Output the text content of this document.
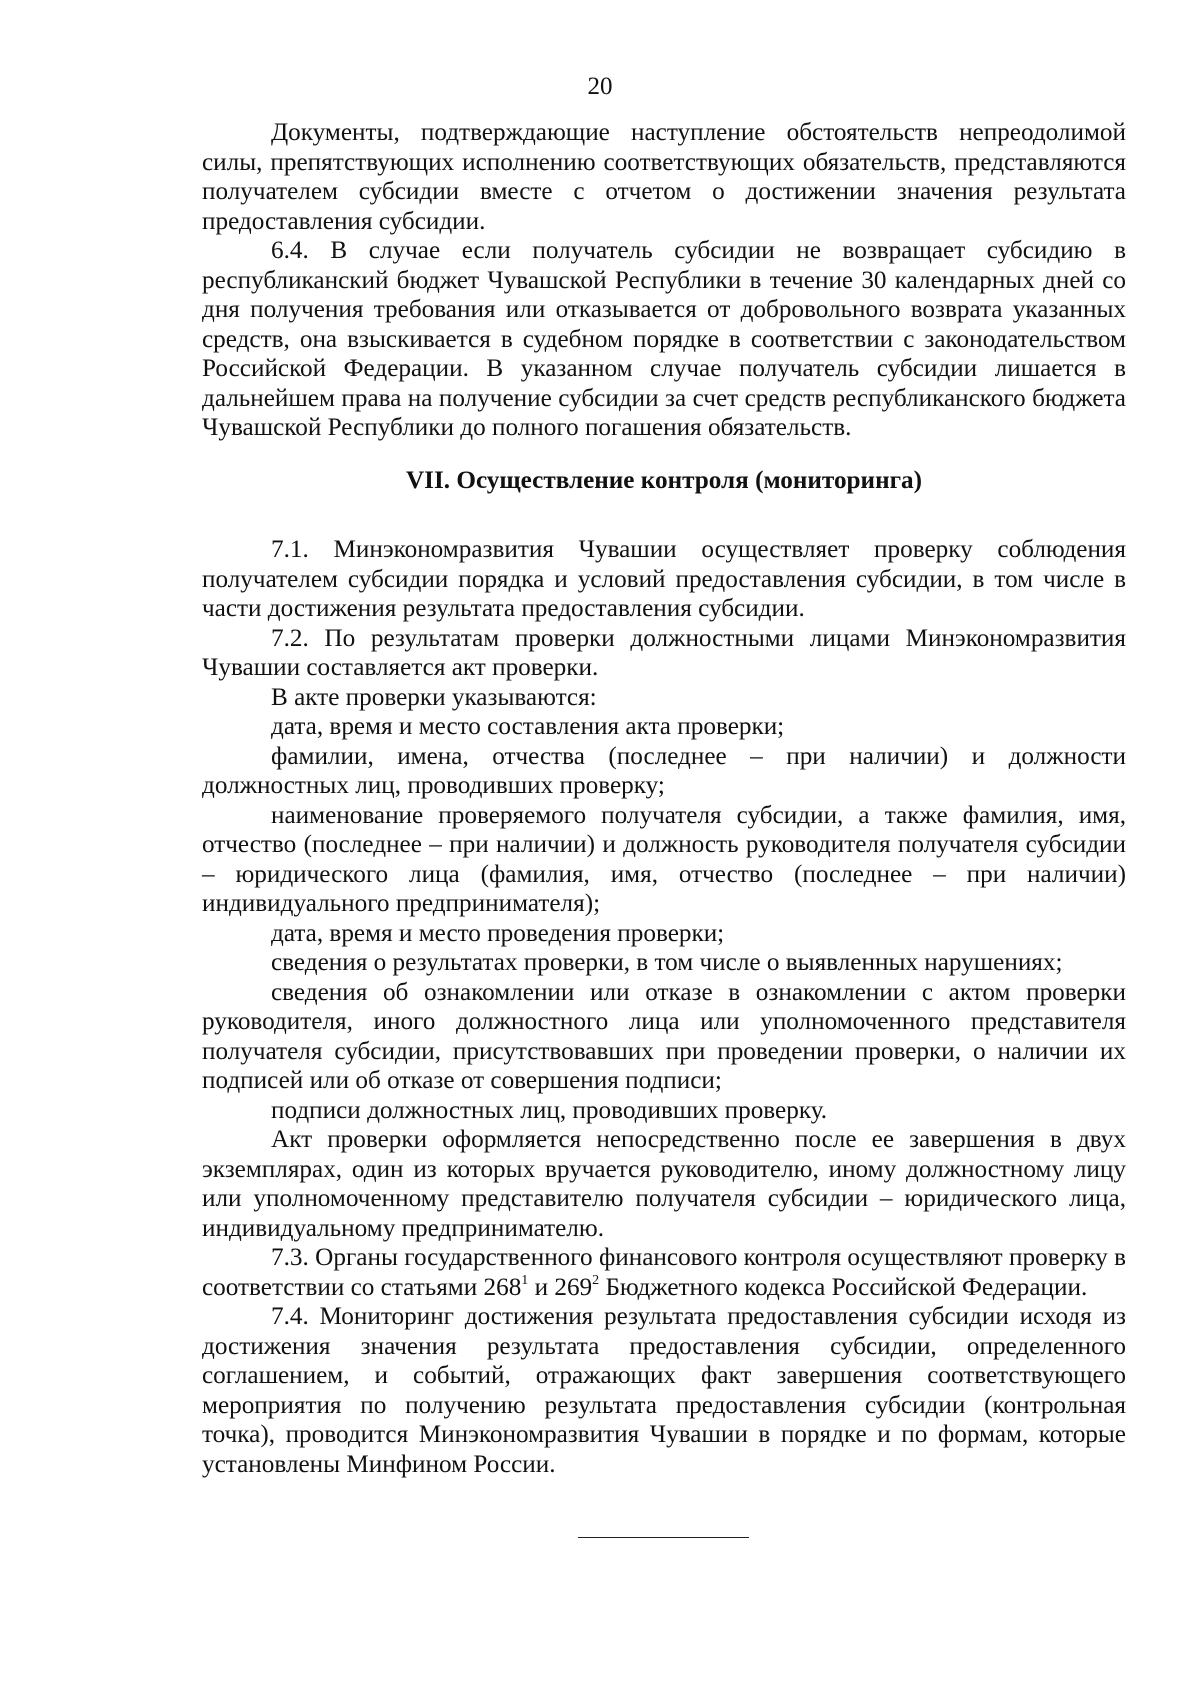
20

Документы, подтверждающие наступление обстоятельств непреодолимой силы, препятствующих исполнению соответствующих обязательств, представляются получателем субсидии вместе с отчетом о достижении значения результата предоставления субсидии.

6.4. В случае если получатель субсидии не возвращает субсидию в республиканский бюджет Чувашской Республики в течение 30 календарных дней со дня получения требования или отказывается от добровольного возврата указанных средств, она взыскивается в судебном порядке в соответствии с законодательством Российской Федерации. В указанном случае получатель субсидии лишается в дальнейшем права на получение субсидии за счет средств республиканского бюджета Чувашской Республики до полного погашения обязательств.

VII. Осуществление контроля (мониторинга)

7.1. Минэкономразвития Чувашии осуществляет проверку соблюдения получателем субсидии порядка и условий предоставления субсидии, в том числе в части достижения результата предоставления субсидии.

7.2. По результатам проверки должностными лицами Минэкономразвития Чувашии составляется акт проверки.

В акте проверки указываются:

дата, время и место составления акта проверки;

фамилии, имена, отчества (последнее – при наличии) и должности должностных лиц, проводивших проверку;

наименование проверяемого получателя субсидии, а также фамилия, имя, отчество (последнее – при наличии) и должность руководителя получателя субсидии – юридического лица (фамилия, имя, отчество (последнее – при наличии) индивидуального предпринимателя);

дата, время и место проведения проверки;

сведения о результатах проверки, в том числе о выявленных нарушениях;

сведения об ознакомлении или отказе в ознакомлении с актом проверки руководителя, иного должностного лица или уполномоченного представителя получателя субсидии, присутствовавших при проведении проверки, о наличии их подписей или об отказе от совершения подписи;

подписи должностных лиц, проводивших проверку.

Акт проверки оформляется непосредственно после ее завершения в двух экземплярах, один из которых вручается руководителю, иному должностному лицу или уполномоченному представителю получателя субсидии – юридического лица, индивидуальному предпринимателю.

7.3. Органы государственного финансового контроля осуществляют проверку в соответствии со статьями $268^1$ и $269^2$ Бюджетного кодекса Российской Федерации.

7.4. Мониторинг достижения результата предоставления субсидии исходя из достижения значения результата предоставления субсидии, определенного соглашением, и событий, отражающих факт завершения соответствующего мероприятия по получению результата предоставления субсидии (контрольная точка), проводится Минэкономразвития Чувашии в порядке и по формам, которые установлены Минфином России.
